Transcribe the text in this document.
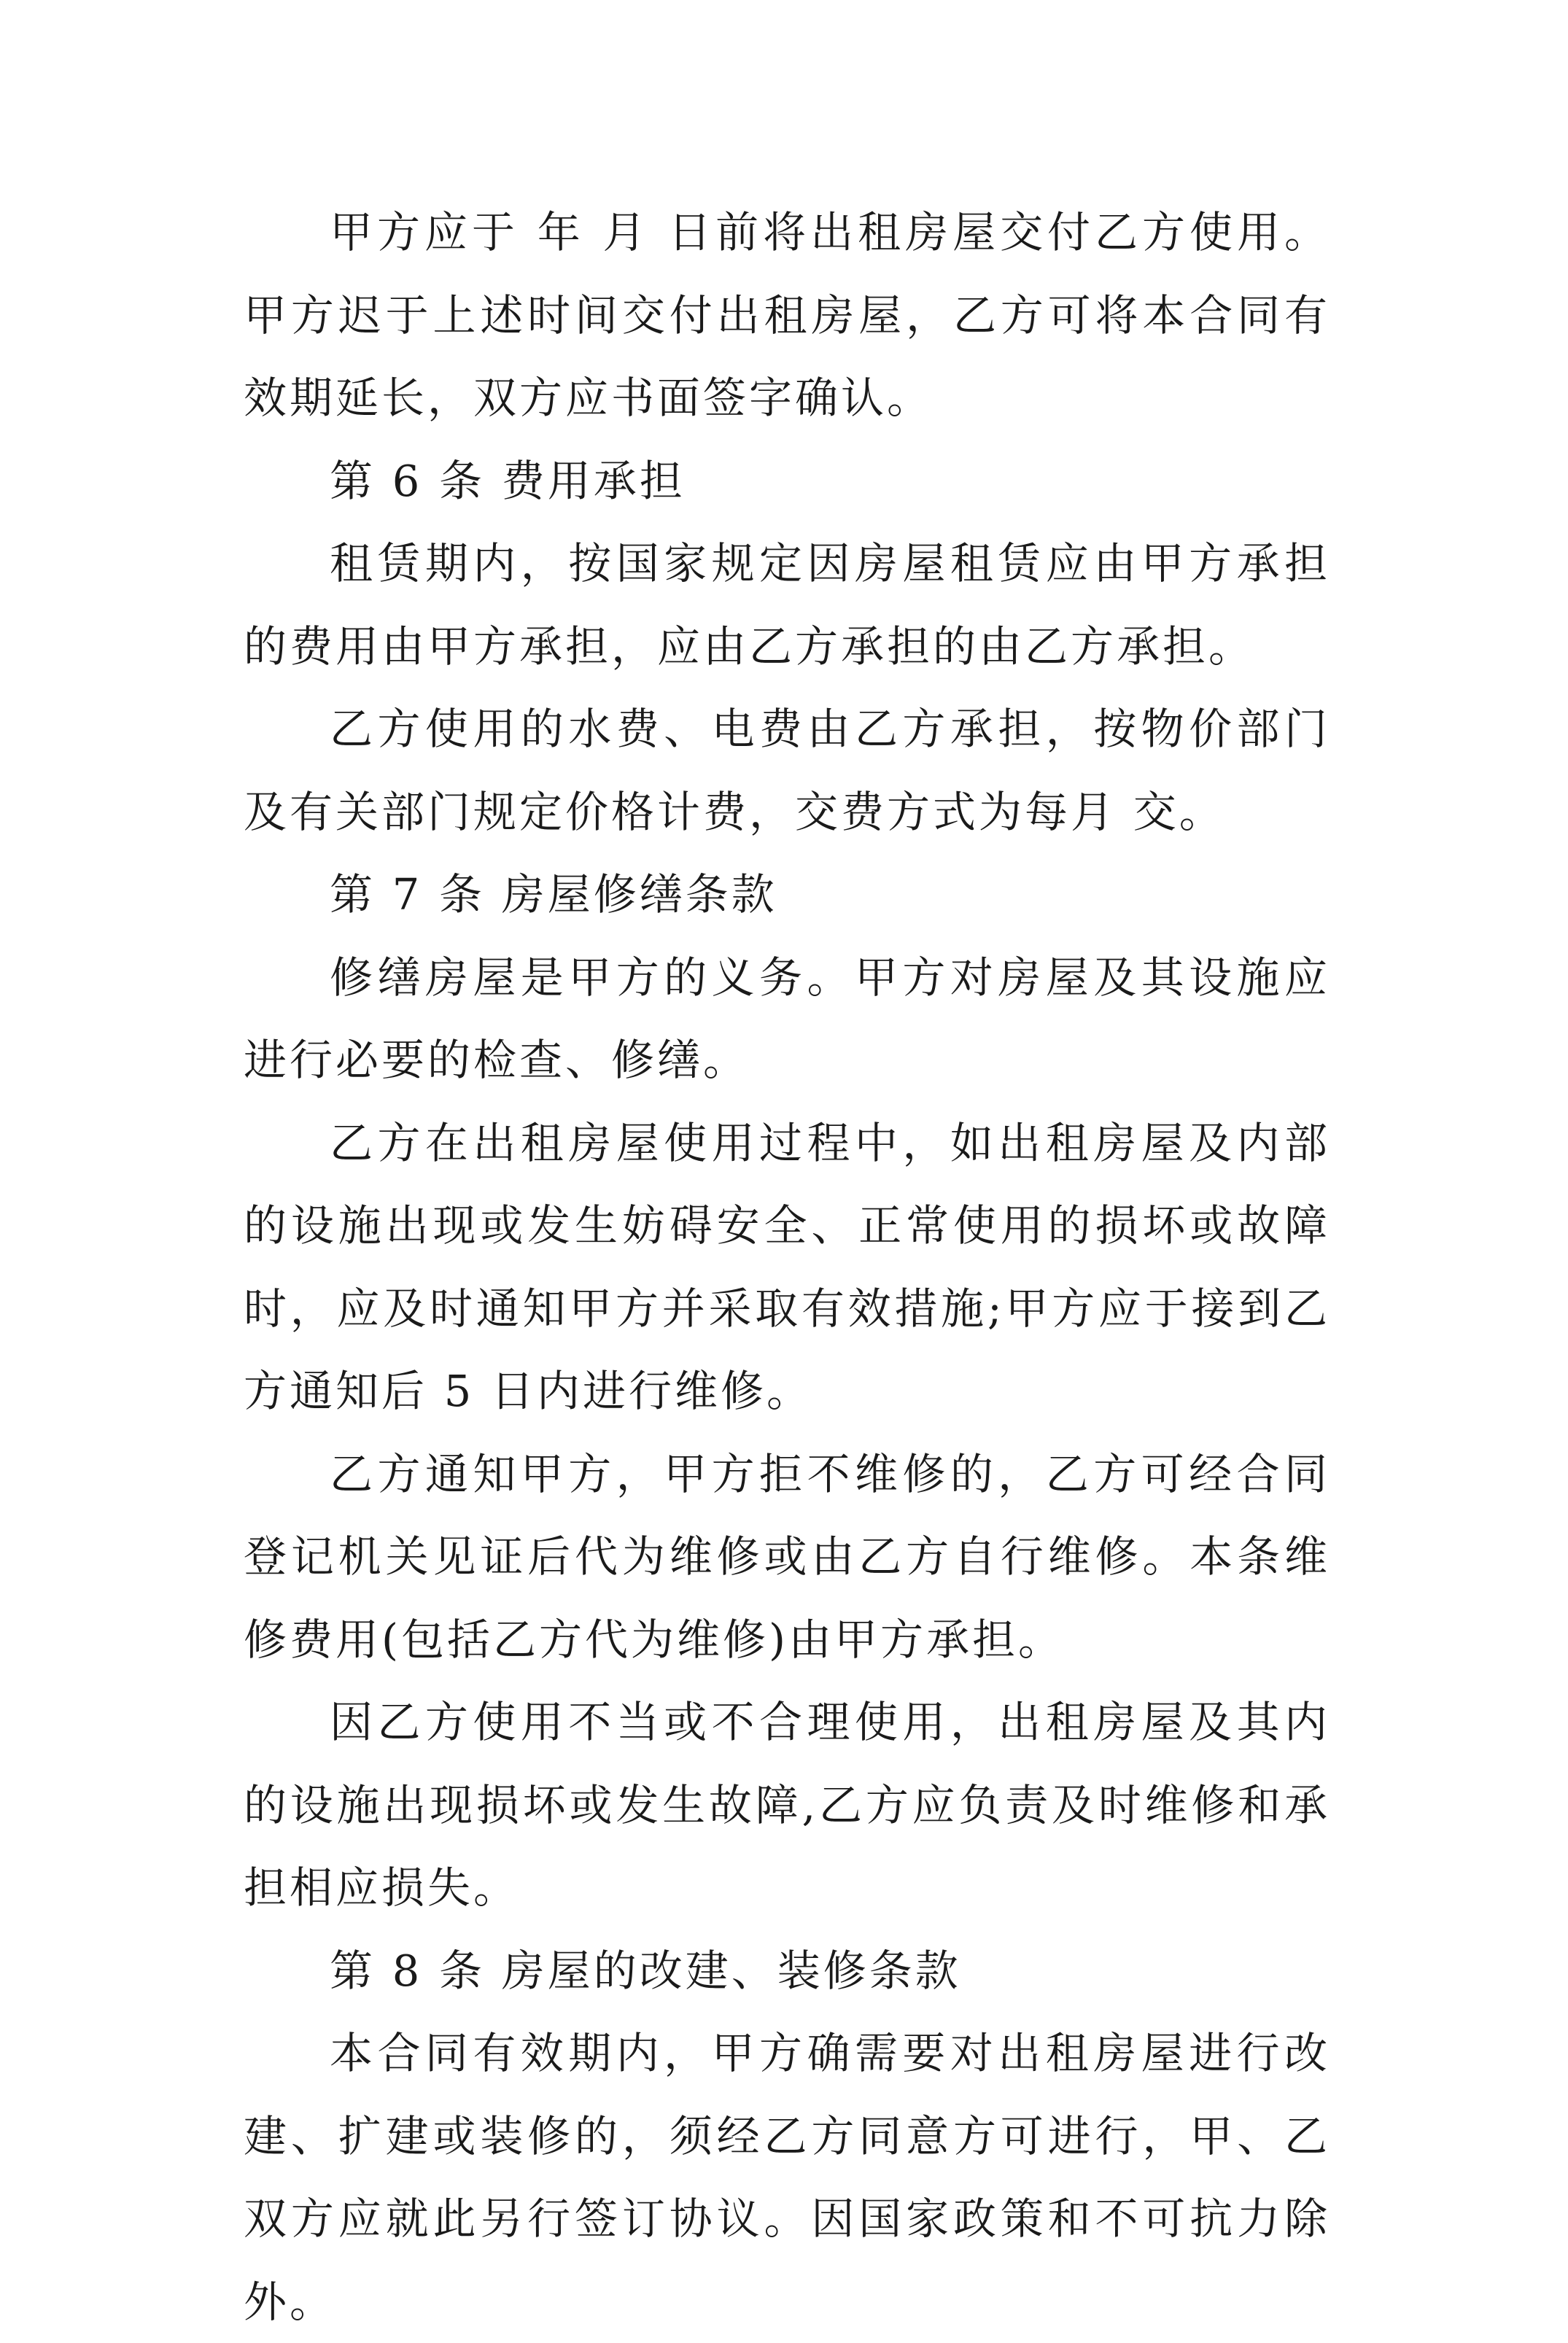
甲方应于 年 月 日前将出租房屋交付乙方使用。甲方迟于上述时间交付出租房屋，乙方可将本合同有效期延长，双方应书面签字确认。

第 6 条 费用承担

租赁期内，按国家规定因房屋租赁应由甲方承担的费用由甲方承担，应由乙方承担的由乙方承担。

乙方使用的水费、电费由乙方承担，按物价部门及有关部门规定价格计费，交费方式为每月 交。

第 7 条 房屋修缮条款

修缮房屋是甲方的义务。甲方对房屋及其设施应进行必要的检查、修缮。

乙方在出租房屋使用过程中，如出租房屋及内部的设施出现或发生妨碍安全、正常使用的损坏或故障时，应及时通知甲方并采取有效措施;甲方应于接到乙方通知后 5 日内进行维修。

乙方通知甲方，甲方拒不维修的，乙方可经合同登记机关见证后代为维修或由乙方自行维修。本条维修费用(包括乙方代为维修)由甲方承担。

因乙方使用不当或不合理使用，出租房屋及其内的设施出现损坏或发生故障,乙方应负责及时维修和承担相应损失。

第 8 条 房屋的改建、装修条款

本合同有效期内，甲方确需要对出租房屋进行改建、扩建或装修的，须经乙方同意方可进行，甲、乙双方应就此另行签订协议。因国家政策和不可抗力除外。
